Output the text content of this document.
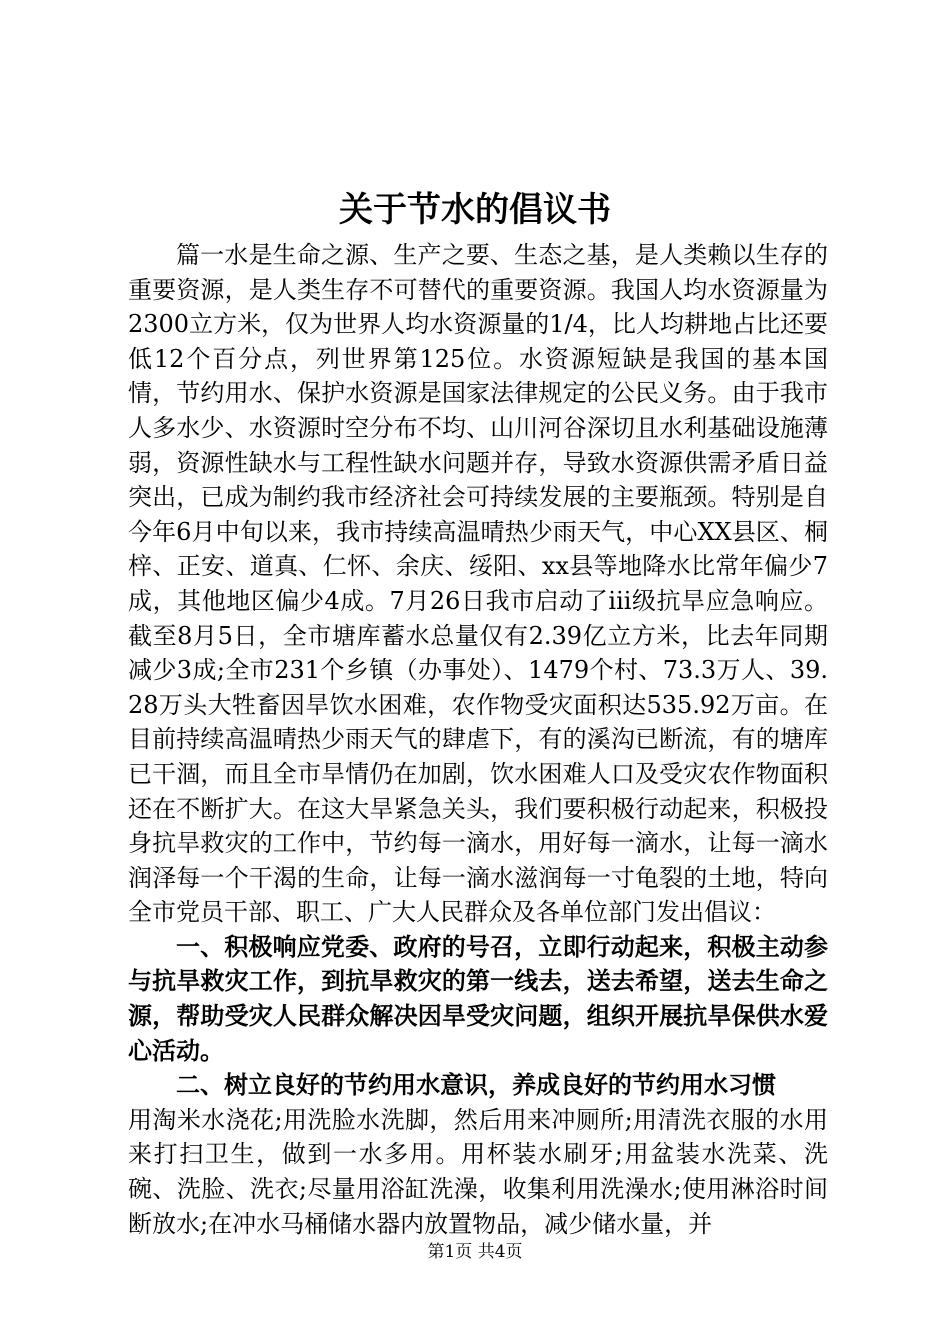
关于节水的倡议书

篇一水是生命之源、生产之要、生态之基，是人类赖以生存的重要资源，是人类生存不可替代的重要资源。我国人均水资源量为2300立方米，仅为世界人均水资源量的1/4，比人均耕地占比还要低12个百分点，列世界第125位。水资源短缺是我国的基本国情，节约用水、保护水资源是国家法律规定的公民义务。由于我市人多水少、水资源时空分布不均、山川河谷深切且水利基础设施薄弱，资源性缺水与工程性缺水问题并存，导致水资源供需矛盾日益突出，已成为制约我市经济社会可持续发展的主要瓶颈。特别是自今年6月中旬以来，我市持续高温晴热少雨天气，中心XX县区、桐梓、正安、道真、仁怀、余庆、绥阳、xx县等地降水比常年偏少7成，其他地区偏少4成。7月26日我市启动了iii级抗旱应急响应。截至8月5日，全市塘库蓄水总量仅有2.39亿立方米，比去年同期减少3成;全市231个乡镇（办事处）、1479个村、73.3万人、39.28万头大牲畜因旱饮水困难，农作物受灾面积达535.92万亩。在目前持续高温晴热少雨天气的肆虐下，有的溪沟已断流，有的塘库已干涸，而且全市旱情仍在加剧，饮水困难人口及受灾农作物面积还在不断扩大。在这大旱紧急关头，我们要积极行动起来，积极投身抗旱救灾的工作中，节约每一滴水，用好每一滴水，让每一滴水润泽每一个干渴的生命，让每一滴水滋润每一寸龟裂的土地，特向全市党员干部、职工、广大人民群众及各单位部门发出倡议：

一、积极响应党委、政府的号召，立即行动起来，积极主动参与抗旱救灾工作，到抗旱救灾的第一线去，送去希望，送去生命之源，帮助受灾人民群众解决因旱受灾问题，组织开展抗旱保供水爱心活动。

二、树立良好的节约用水意识，养成良好的节约用水习惯

用淘米水浇花;用洗脸水洗脚，然后用来冲厕所;用清洗衣服的水用来打扫卫生，做到一水多用。用杯装水刷牙;用盆装水洗菜、洗碗、洗脸、洗衣;尽量用浴缸洗澡，收集利用洗澡水;使用淋浴时间断放水;在冲水马桶储水器内放置物品，减少储水量，并

第1页 共4页
